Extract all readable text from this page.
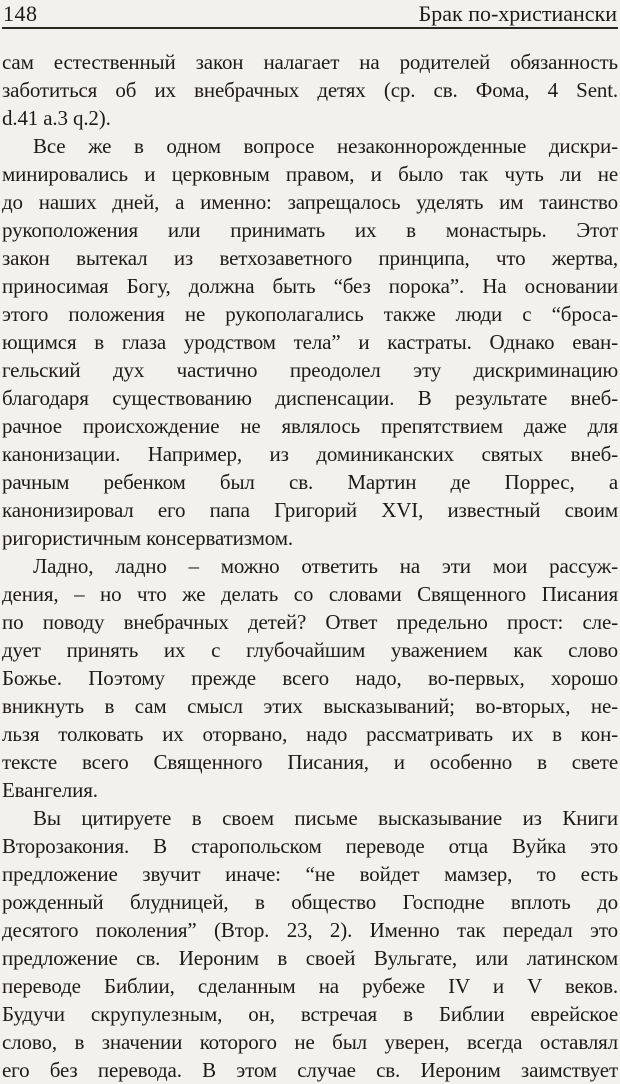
148	Брак по-христиански
сам естественный закон налагает на родителей обязанность
заботиться об их внебрачных детях (ср. св. Фома, 4 Sent.
d.41 a.3 q.2).
Все же в одном вопросе незаконнорожденные дискри-
минировались и церковным правом, и было так чуть ли не
до наших дней, а именно: запрещалось уделять им таинство
рукоположения или принимать их в монастырь. Этот
закон вытекал из ветхозаветного принципа, что жертва,
приносимая Богу, должна быть “без порока”. На основании
этого положения не рукополагались также люди с “броса-
ющимся в глаза уродством тела” и кастраты. Однако еван-
гельский дух частично преодолел эту дискриминацию
благодаря существованию диспенсации. В результате внеб-
рачное происхождение не являлось препятствием даже для
канонизации. Например, из доминиканских святых внеб-
рачным ребенком был св. Мартин де Поррес, а
канонизировал его папа Григорий XVI, известный своим
ригористичным консерватизмом.
Ладно, ладно – можно ответить на эти мои рассуж-
дения, – но что же делать со словами Священного Писания
по поводу внебрачных детей? Ответ предельно прост: сле-
дует принять их с глубочайшим уважением как слово
Божье. Поэтому прежде всего надо, во-первых, хорошо
вникнуть в сам смысл этих высказываний; во-вторых, не-
льзя толковать их оторвано, надо рассматривать их в кон-
тексте всего Священного Писания, и особенно в свете
Евангелия.
Вы цитируете в своем письме высказывание из Книги
Второзакония. В старопольском переводе отца Вуйка это
предложение звучит иначе: “не войдет мамзер, то есть
рожденный блудницей, в общество Господне вплоть до
десятого поколения” (Втор. 23, 2). Именно так передал это
предложение св. Иероним в своей Вульгате, или латинском
переводе Библии, сделанным на рубеже IV и V веков.
Будучи скрупулезным, он, встречая в Библии еврейское
слово, в значении которого не был уверен, всегда оставлял
его без перевода. В этом случае св. Иероним заимствует
